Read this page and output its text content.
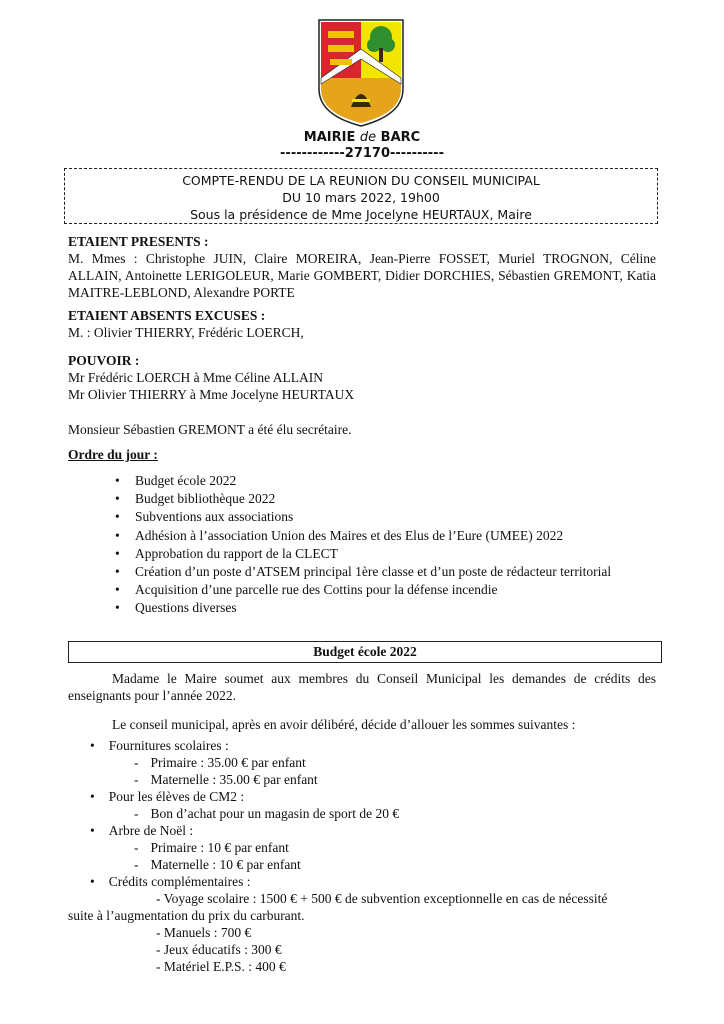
MAIRIE de BARC
------------27170----------
COMPTE-RENDU DE LA REUNION DU CONSEIL MUNICIPAL
DU 10 mars 2022, 19h00
Sous la présidence de Mme Jocelyne HEURTAUX, Maire
ETAIENT PRESENTS :
M. Mmes : Christophe JUIN, Claire MOREIRA, Jean-Pierre FOSSET, Muriel TROGNON, Céline ALLAIN, Antoinette LERIGOLEUR, Marie GOMBERT, Didier DORCHIES, Sébastien GREMONT, Katia MAITRE-LEBLOND, Alexandre PORTE
ETAIENT ABSENTS EXCUSES :
M. : Olivier THIERRY, Frédéric LOERCH,
POUVOIR :
Mr Frédéric LOERCH à Mme Céline ALLAIN
Mr Olivier THIERRY à Mme Jocelyne HEURTAUX
Monsieur Sébastien GREMONT a été élu secrétaire.
Ordre du jour :
• Budget école 2022
• Budget bibliothèque 2022
• Subventions aux associations
• Adhésion à l’association Union des Maires et des Elus de l’Eure (UMEE) 2022
• Approbation du rapport de la CLECT
• Création d’un poste d’ATSEM principal 1ère classe et d’un poste de rédacteur territorial
• Acquisition d’une parcelle rue des Cottins pour la défense incendie
• Questions diverses
Budget école 2022
Madame le Maire soumet aux membres du Conseil Municipal les demandes de crédits des enseignants pour l’année 2022.
Le conseil municipal, après en avoir délibéré, décide d’allouer les sommes suivantes :
• Fournitures scolaires :
- Primaire : 35.00 € par enfant
- Maternelle : 35.00 € par enfant
• Pour les élèves de CM2 :
- Bon d’achat pour un magasin de sport de 20 €
• Arbre de Noël :
- Primaire : 10 € par enfant
- Maternelle : 10 € par enfant
• Crédits complémentaires :
- Voyage scolaire : 1500 € + 500 € de subvention exceptionnelle en cas de nécessité
suite à l’augmentation du prix du carburant.
- Manuels : 700 €
- Jeux éducatifs : 300 €
- Matériel E.P.S. : 400 €
